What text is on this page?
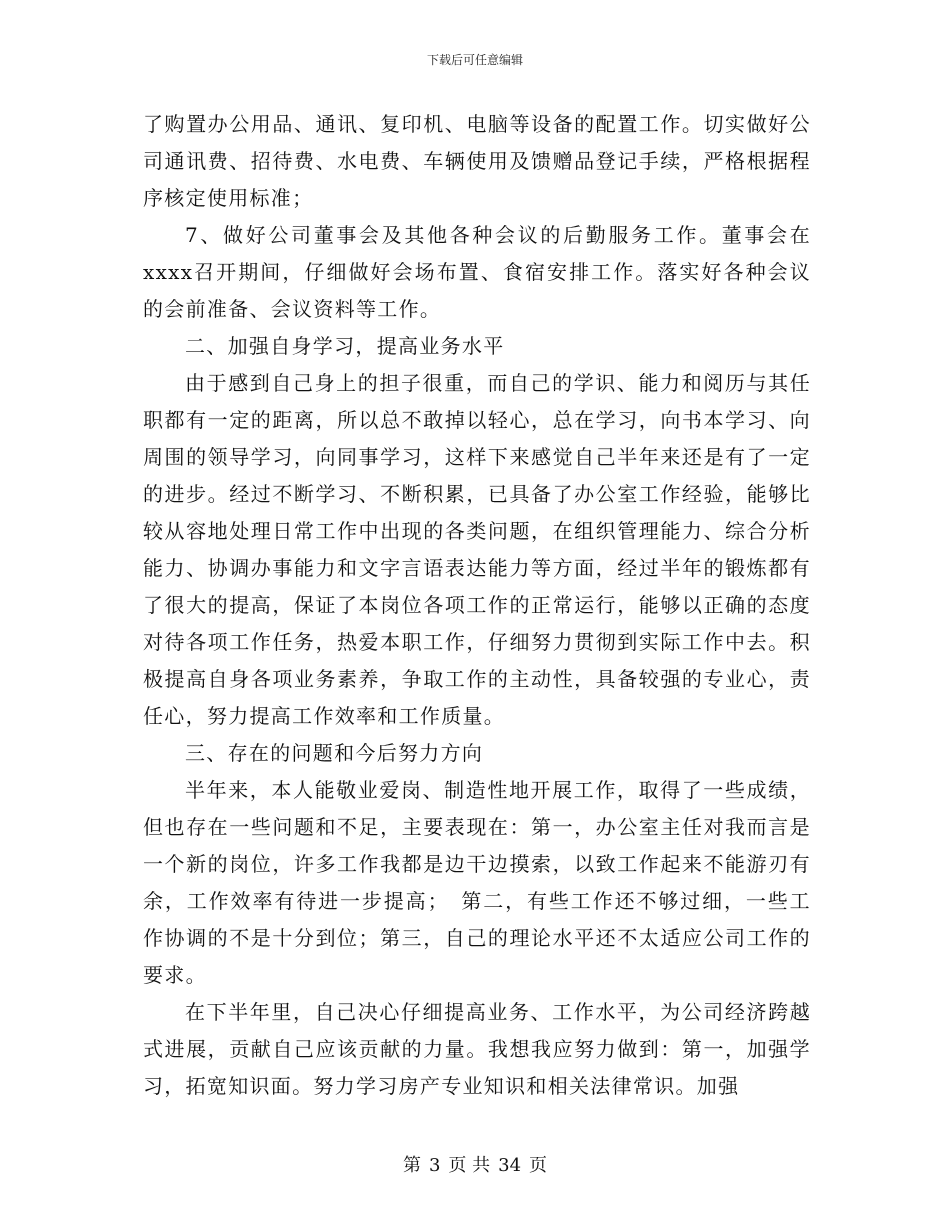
下载后可任意编辑

了购置办公用品、通讯、复印机、电脑等设备的配置工作。切实做好公司通讯费、招待费、水电费、车辆使用及馈赠品登记手续，严格根据程序核定使用标准；

7、做好公司董事会及其他各种会议的后勤服务工作。董事会在xxxx召开期间，仔细做好会场布置、食宿安排工作。落实好各种会议的会前准备、会议资料等工作。

二、加强自身学习，提高业务水平

由于感到自己身上的担子很重，而自己的学识、能力和阅历与其任职都有一定的距离，所以总不敢掉以轻心，总在学习，向书本学习、向周围的领导学习，向同事学习，这样下来感觉自己半年来还是有了一定的进步。经过不断学习、不断积累，已具备了办公室工作经验，能够比较从容地处理日常工作中出现的各类问题，在组织管理能力、综合分析能力、协调办事能力和文字言语表达能力等方面，经过半年的锻炼都有了很大的提高，保证了本岗位各项工作的正常运行，能够以正确的态度对待各项工作任务，热爱本职工作，仔细努力贯彻到实际工作中去。积极提高自身各项业务素养，争取工作的主动性，具备较强的专业心，责任心，努力提高工作效率和工作质量。

三、存在的问题和今后努力方向

半年来，本人能敬业爱岗、制造性地开展工作，取得了一些成绩，但也存在一些问题和不足，主要表现在：第一，办公室主任对我而言是一个新的岗位，许多工作我都是边干边摸索，以致工作起来不能游刃有余，工作效率有待进一步提高；　第二，有些工作还不够过细，一些工作协调的不是十分到位；第三，自己的理论水平还不太适应公司工作的要求。

在下半年里，自己决心仔细提高业务、工作水平，为公司经济跨越式进展，贡献自己应该贡献的力量。我想我应努力做到：第一，加强学习，拓宽知识面。努力学习房产专业知识和相关法律常识。加强

第 3 页 共 34 页
